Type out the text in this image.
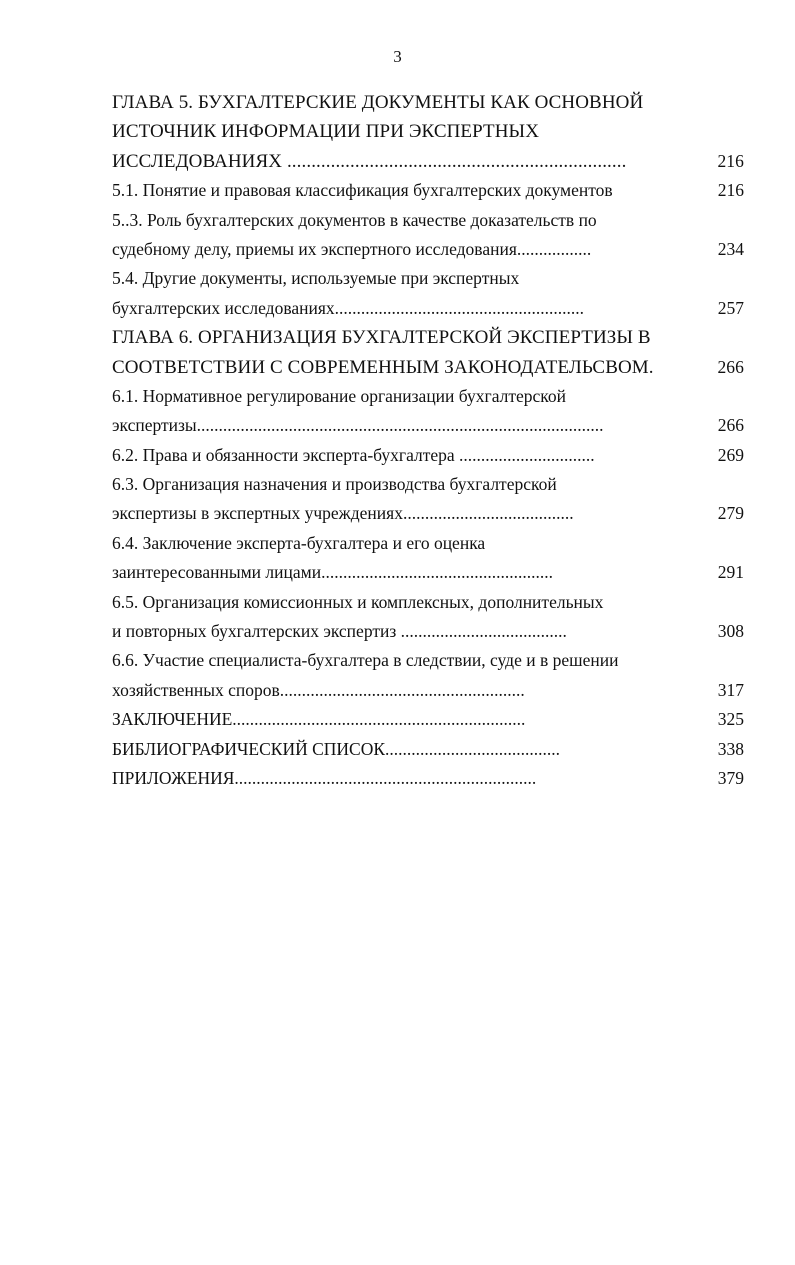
3
ГЛАВА 5. БУХГАЛТЕРСКИЕ ДОКУМЕНТЫ КАК ОСНОВНОЙ
ИСТОЧНИК ИНФОРМАЦИИ ПРИ ЭКСПЕРТНЫХ
ИССЛЕДОВАНИЯХ ......................................................................	216
5.1. Понятие и правовая классификация бухгалтерских документов	216
5..3. Роль бухгалтерских документов в качестве доказательств по
судебному делу, приемы их экспертного исследования.................	234
5.4. Другие документы, используемые при экспертных
бухгалтерских исследованиях.........................................................	257
ГЛАВА 6. ОРГАНИЗАЦИЯ БУХГАЛТЕРСКОЙ ЭКСПЕРТИЗЫ В
СООТВЕТСТВИИ С СОВРЕМЕННЫМ ЗАКОНОДАТЕЛЬСВОМ.	266
6.1. Нормативное регулирование организации бухгалтерской
экспертизы.............................................................................................	266
6.2. Права и обязанности эксперта-бухгалтера ...............................	269
6.3. Организация назначения и производства бухгалтерской
экспертизы в экспертных учреждениях.......................................	279
6.4. Заключение эксперта-бухгалтера и его оценка
заинтересованными лицами.....................................................	291
6.5. Организация комиссионных и комплексных, дополнительных
и повторных бухгалтерских экспертиз ......................................	308
6.6. Участие специалиста-бухгалтера в следствии, суде и в решении
хозяйственных споров........................................................	317
ЗАКЛЮЧЕНИЕ...................................................................	325
БИБЛИОГРАФИЧЕСКИЙ СПИСОК........................................	338
ПРИЛОЖЕНИЯ.....................................................................	379
